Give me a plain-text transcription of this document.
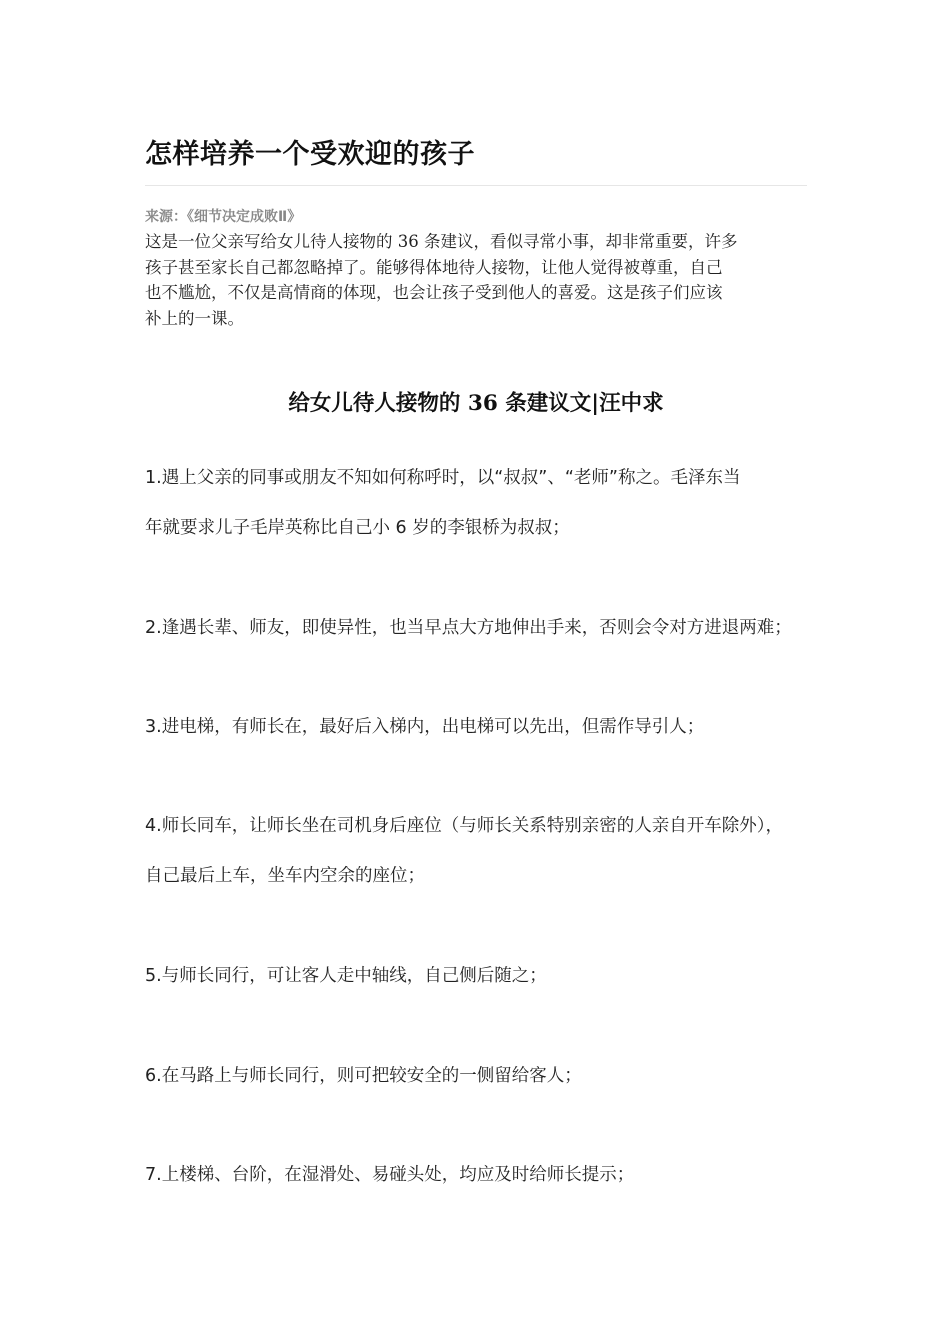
怎样培养一个受欢迎的孩子
来源：《细节决定成败Ⅱ》
这是一位父亲写给女儿待人接物的 36 条建议，看似寻常小事，却非常重要，许多
孩子甚至家长自己都忽略掉了。能够得体地待人接物，让他人觉得被尊重，自己
也不尴尬，不仅是高情商的体现，也会让孩子受到他人的喜爱。这是孩子们应该
补上的一课。
给女儿待人接物的 36 条建议文|汪中求
1.遇上父亲的同事或朋友不知如何称呼时，以“叔叔”、“老师”称之。毛泽东当
年就要求儿子毛岸英称比自己小 6 岁的李银桥为叔叔；
2.逢遇长辈、师友，即使异性，也当早点大方地伸出手来，否则会令对方进退两难；
3.进电梯，有师长在，最好后入梯内，出电梯可以先出，但需作导引人；
4.师长同车，让师长坐在司机身后座位（与师长关系特别亲密的人亲自开车除外），
自己最后上车，坐车内空余的座位；
5.与师长同行，可让客人走中轴线，自己侧后随之；
6.在马路上与师长同行，则可把较安全的一侧留给客人；
7.上楼梯、台阶，在湿滑处、易碰头处，均应及时给师长提示；
